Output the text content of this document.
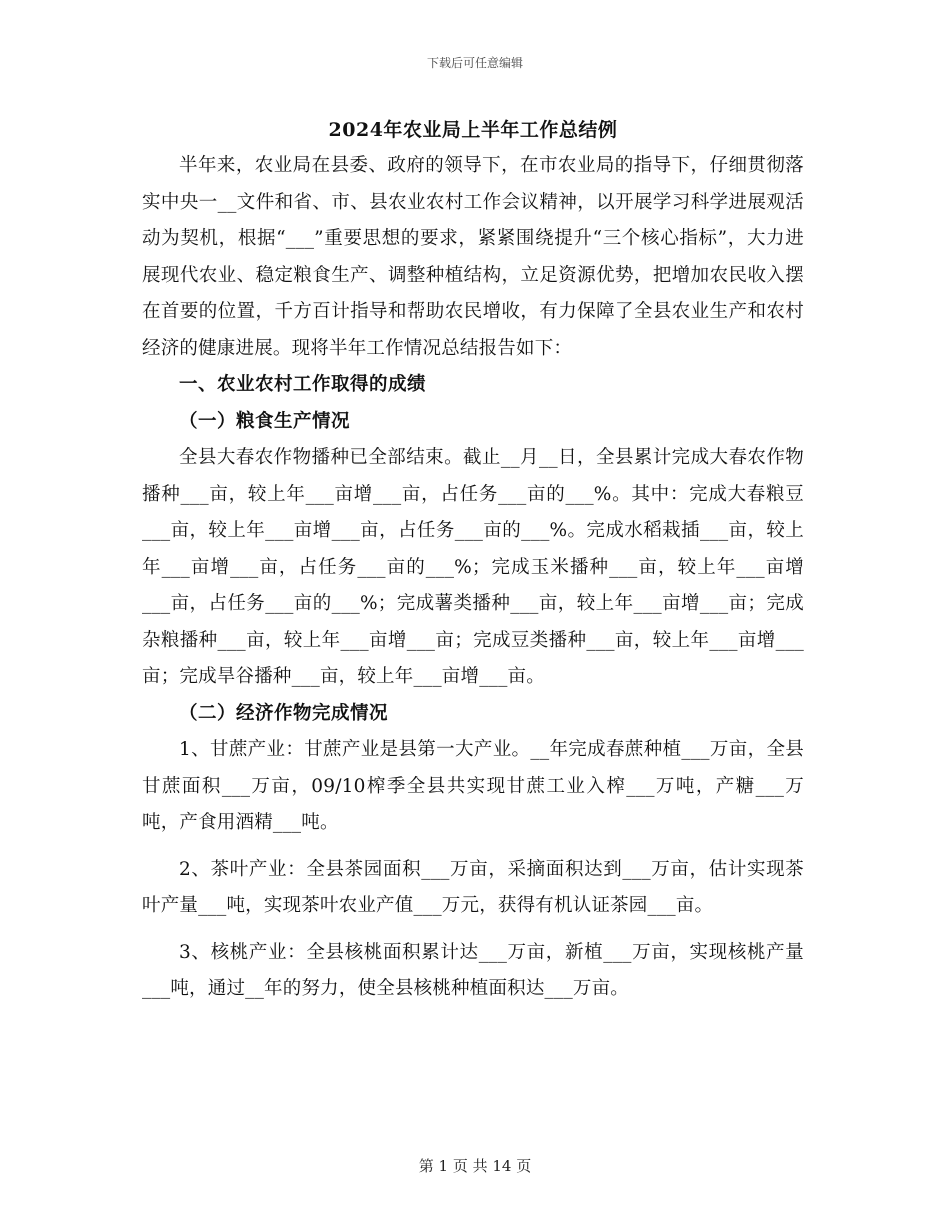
下载后可任意编辑
2024年农业局上半年工作总结例

半年来，农业局在县委、政府的领导下，在市农业局的指导下，仔细贯彻落实中央一__文件和省、市、县农业农村工作会议精神，以开展学习科学进展观活动为契机，根据“___”重要思想的要求，紧紧围绕提升“三个核心指标”，大力进展现代农业、稳定粮食生产、调整种植结构，立足资源优势，把增加农民收入摆在首要的位置，千方百计指导和帮助农民增收，有力保障了全县农业生产和农村经济的健康进展。现将半年工作情况总结报告如下：

一、农业农村工作取得的成绩

（一）粮食生产情况

全县大春农作物播种已全部结束。截止__月__日，全县累计完成大春农作物播种___亩，较上年___亩增___亩，占任务___亩的___%。其中：完成大春粮豆___亩，较上年___亩增___亩，占任务___亩的___%。完成水稻栽插___亩，较上年___亩增___亩，占任务___亩的___%；完成玉米播种___亩，较上年___亩增___亩，占任务___亩的___%；完成薯类播种___亩，较上年___亩增___亩；完成杂粮播种___亩，较上年___亩增___亩；完成豆类播种___亩，较上年___亩增___亩；完成旱谷播种___亩，较上年___亩增___亩。

（二）经济作物完成情况

1、甘蔗产业：甘蔗产业是县第一大产业。__年完成春蔗种植___万亩，全县甘蔗面积___万亩，09/10榨季全县共实现甘蔗工业入榨___万吨，产糖___万吨，产食用酒精___吨。

2、茶叶产业：全县茶园面积___万亩，采摘面积达到___万亩，估计实现茶叶产量___吨，实现茶叶农业产值___万元，获得有机认证茶园___亩。

3、核桃产业：全县核桃面积累计达___万亩，新植___万亩，实现核桃产量___吨，通过__年的努力，使全县核桃种植面积达___万亩。

第 1 页 共 14 页
